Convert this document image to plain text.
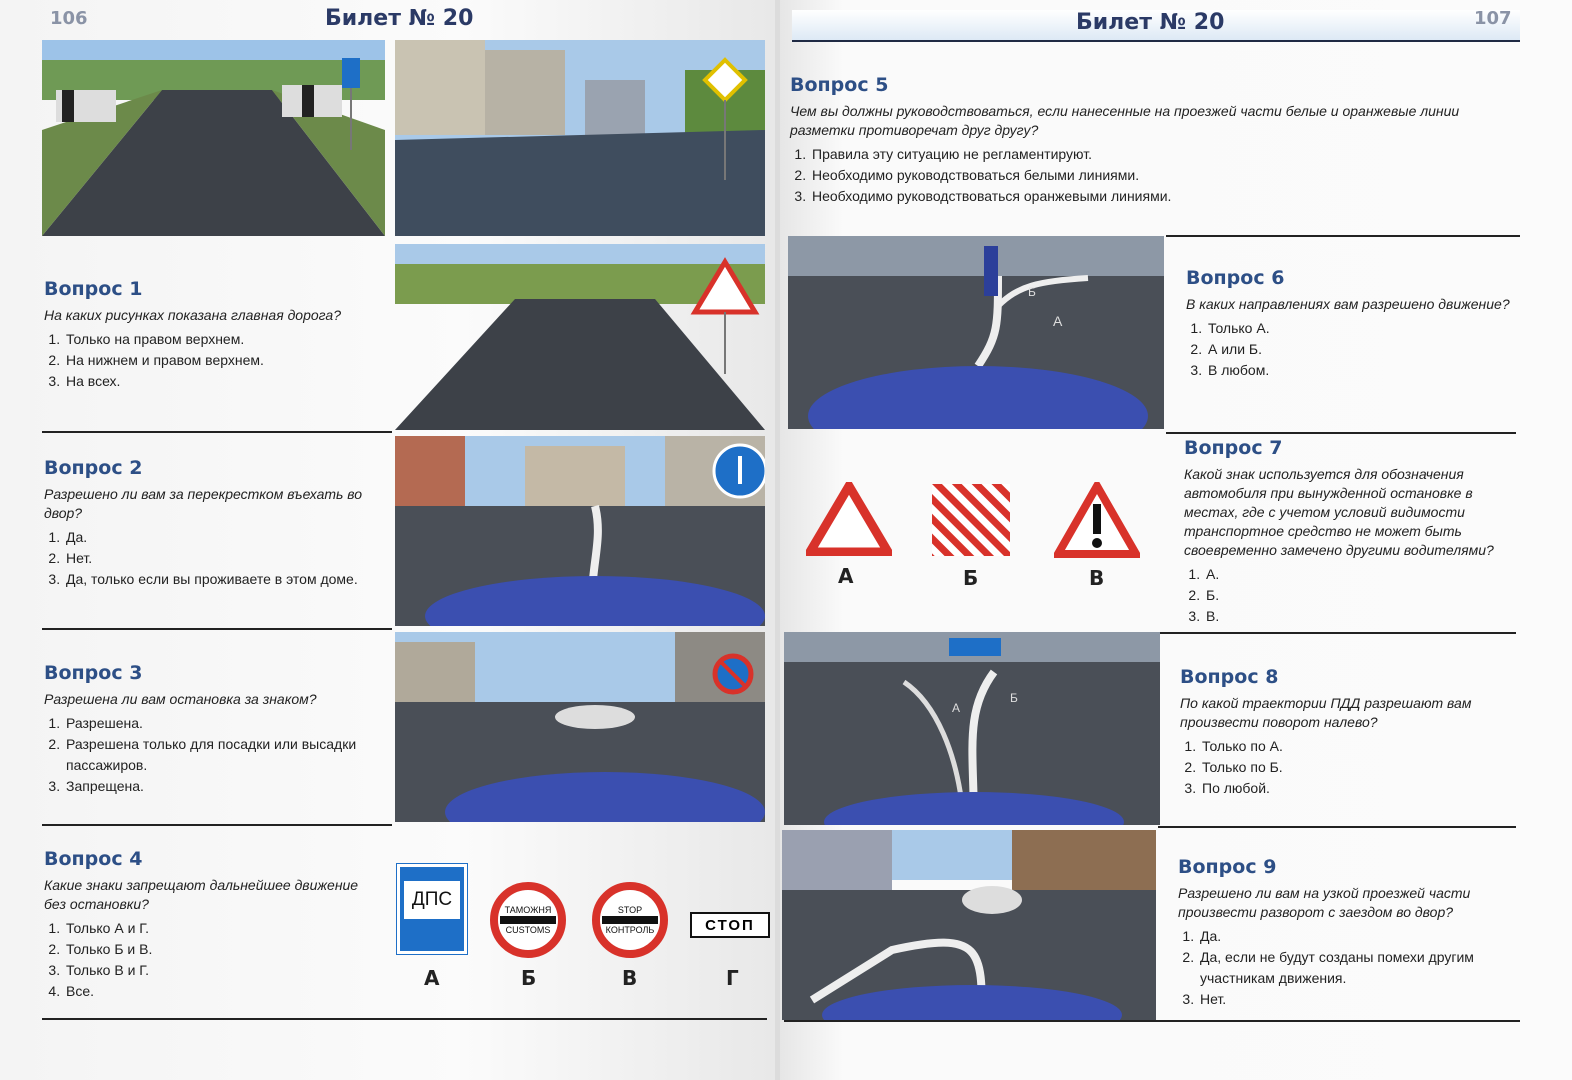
106	Билет № 20
Вопрос 1
На каких рисунках показана главная дорога?
1. Только на правом верхнем.
2. На нижнем и правом верхнем.
3. На всех.
Вопрос 2
Разрешено ли вам за перекрестком въехать во двор?
1. Да.
2. Нет.
3. Да, только если вы проживаете в этом доме.
Вопрос 3
Разрешена ли вам остановка за знаком?
1. Разрешена.
2. Разрешена только для посадки или высадки пассажиров.
3. Запрещена.
Вопрос 4
Какие знаки запрещают дальнейшее движение без остановки?
1. Только А и Г.
2. Только Б и В.
3. Только В и Г.
4. Все.
ДПС	ТАМОЖНЯ
CUSTOMS
STOP
КОНТРОЛЬ	СТОП
А	Б	В	Г
Билет № 20	107
Вопрос 5
Чем вы должны руководствоваться, если нанесенные на проезжей части белые и оранжевые линии разметки противоречат друг другу?
1. Правила эту ситуацию не регламентируют.
2. Необходимо руководствоваться белыми линиями.
3. Необходимо руководствоваться оранжевыми линиями.
Б
А
Вопрос 6
В каких направлениях вам разрешено движение?
1. Только А.
2. А или Б.
3. В любом.
А	Б	В
Вопрос 7
Какой знак используется для обозначения автомобиля при вынужденной остановке в местах, где с учетом условий видимости транспортное средство не может быть своевременно замечено другими водителями?
1. А.
2. Б.
3. В.
А
Б
Вопрос 8
По какой траектории ПДД разрешают вам произвести поворот налево?
1. Только по А.
2. Только по Б.
3. По любой.
Вопрос 9
Разрешено ли вам на узкой проезжей части произвести разворот с заездом во двор?
1. Да.
2. Да, если не будут созданы помехи другим участникам движения.
3. Нет.
